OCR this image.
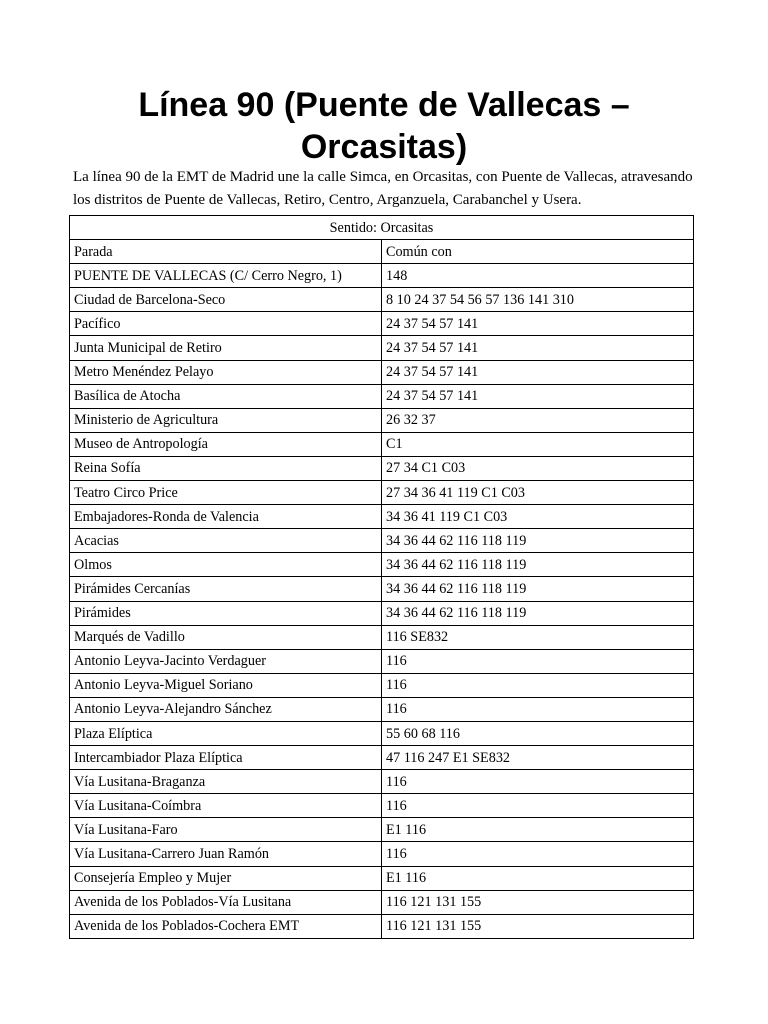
Línea 90 (Puente de Vallecas – Orcasitas)

La línea 90 de la EMT de Madrid une la calle Simca, en Orcasitas, con Puente de Vallecas, atravesando los distritos de Puente de Vallecas, Retiro, Centro, Arganzuela, Carabanchel y Usera.

Sentido: Orcasitas	
Parada	Común con
PUENTE DE VALLECAS (C/ Cerro Negro, 1)	148
Ciudad de Barcelona-Seco	8 10 24 37 54 56 57 136 141 310
Pacífico	24 37 54 57 141
Junta Municipal de Retiro	24 37 54 57 141
Metro Menéndez Pelayo	24 37 54 57 141
Basílica de Atocha	24 37 54 57 141
Ministerio de Agricultura	26 32 37
Museo de Antropología	C1
Reina Sofía	27 34 C1 C03
Teatro Circo Price	27 34 36 41 119 C1 C03
Embajadores-Ronda de Valencia	34 36 41 119 C1 C03
Acacias	34 36 44 62 116 118 119
Olmos	34 36 44 62 116 118 119
Pirámides Cercanías	34 36 44 62 116 118 119
Pirámides	34 36 44 62 116 118 119
Marqués de Vadillo	116 SE832
Antonio Leyva-Jacinto Verdaguer	116
Antonio Leyva-Miguel Soriano	116
Antonio Leyva-Alejandro Sánchez	116
Plaza Elíptica	55 60 68 116
Intercambiador Plaza Elíptica	47 116 247 E1 SE832
Vía Lusitana-Braganza	116
Vía Lusitana-Coímbra	116
Vía Lusitana-Faro	E1 116
Vía Lusitana-Carrero Juan Ramón	116
Consejería Empleo y Mujer	E1 116
Avenida de los Poblados-Vía Lusitana	116 121 131 155
Avenida de los Poblados-Cochera EMT	116 121 131 155
